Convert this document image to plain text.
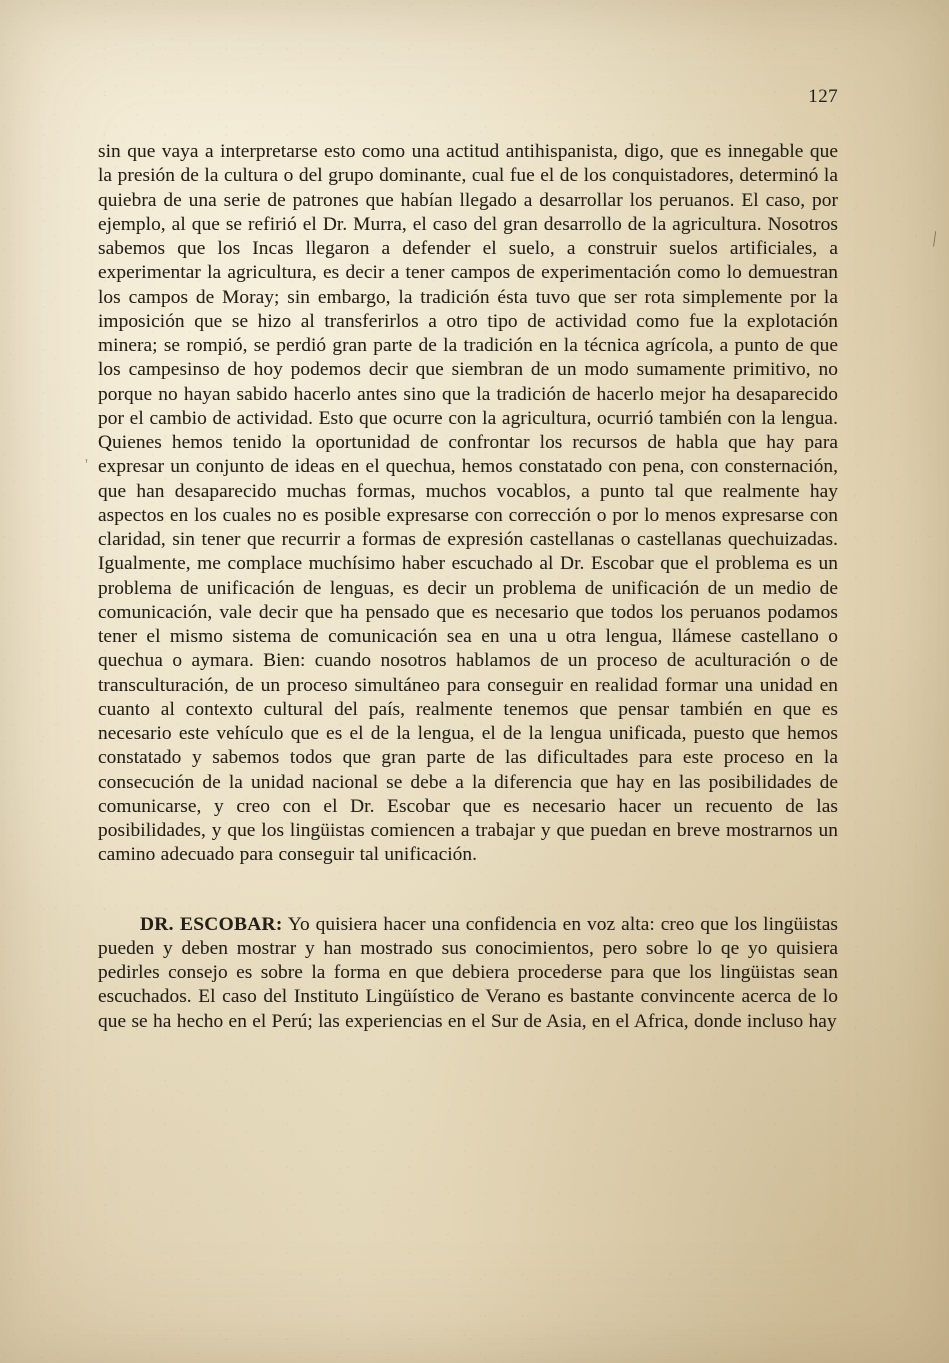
127

sin que vaya a interpretarse esto como una actitud antihispanista, digo, que es innegable que la presión de la cultura o del grupo dominante, cual fue el de los conquistadores, determinó la quiebra de una serie de patrones que habían llegado a desarrollar los peruanos. El caso, por ejemplo, al que se refirió el Dr. Murra, el caso del gran desarrollo de la agricultura. Nosotros sabemos que los Incas llegaron a defender el suelo, a construir suelos artificiales, a experimentar la agricultura, es decir a tener campos de experimentación como lo demuestran los campos de Moray; sin embargo, la tradición ésta tuvo que ser rota simplemente por la imposición que se hizo al transferirlos a otro tipo de actividad como fue la explotación minera; se rompió, se perdió gran parte de la tradición en la técnica agrícola, a punto de que los campesinso de hoy podemos decir que siembran de un modo sumamente primitivo, no porque no hayan sabido hacerlo antes sino que la tradición de hacerlo mejor ha desaparecido por el cambio de actividad. Esto que ocurre con la agricultura, ocurrió también con la lengua. Quienes hemos tenido la oportunidad de confrontar los recursos de habla que hay para expresar un conjunto de ideas en el quechua, hemos constatado con pena, con consternación, que han desaparecido muchas formas, muchos vocablos, a punto tal que realmente hay aspectos en los cuales no es posible expresarse con corrección o por lo menos expresarse con claridad, sin tener que recurrir a formas de expresión castellanas o castellanas quechuizadas. Igualmente, me complace muchísimo haber escuchado al Dr. Escobar que el problema es un problema de unificación de lenguas, es decir un problema de unificación de un medio de comunicación, vale decir que ha pensado que es necesario que todos los peruanos podamos tener el mismo sistema de comunicación sea en una u otra lengua, llámese castellano o quechua o aymara. Bien: cuando nosotros hablamos de un proceso de aculturación o de transculturación, de un proceso simultáneo para conseguir en realidad formar una unidad en cuanto al contexto cultural del país, realmente tenemos que pensar también en que es necesario este vehículo que es el de la lengua, el de la lengua unificada, puesto que hemos constatado y sabemos todos que gran parte de las dificultades para este proceso en la consecución de la unidad nacional se debe a la diferencia que hay en las posibilidades de comunicarse, y creo con el Dr. Escobar que es necesario hacer un recuento de las posibilidades, y que los lingüistas comiencen a trabajar y que puedan en breve mostrarnos un camino adecuado para conseguir tal unificación.

DR. ESCOBAR: Yo quisiera hacer una confidencia en voz alta: creo que los lingüistas pueden y deben mostrar y han mostrado sus conocimientos, pero sobre lo qe yo quisiera pedirles consejo es sobre la forma en que debiera procederse para que los lingüistas sean escuchados. El caso del Instituto Lingüístico de Verano es bastante convincente acerca de lo que se ha hecho en el Perú; las experiencias en el Sur de Asia, en el Africa, donde incluso hay

|
'
